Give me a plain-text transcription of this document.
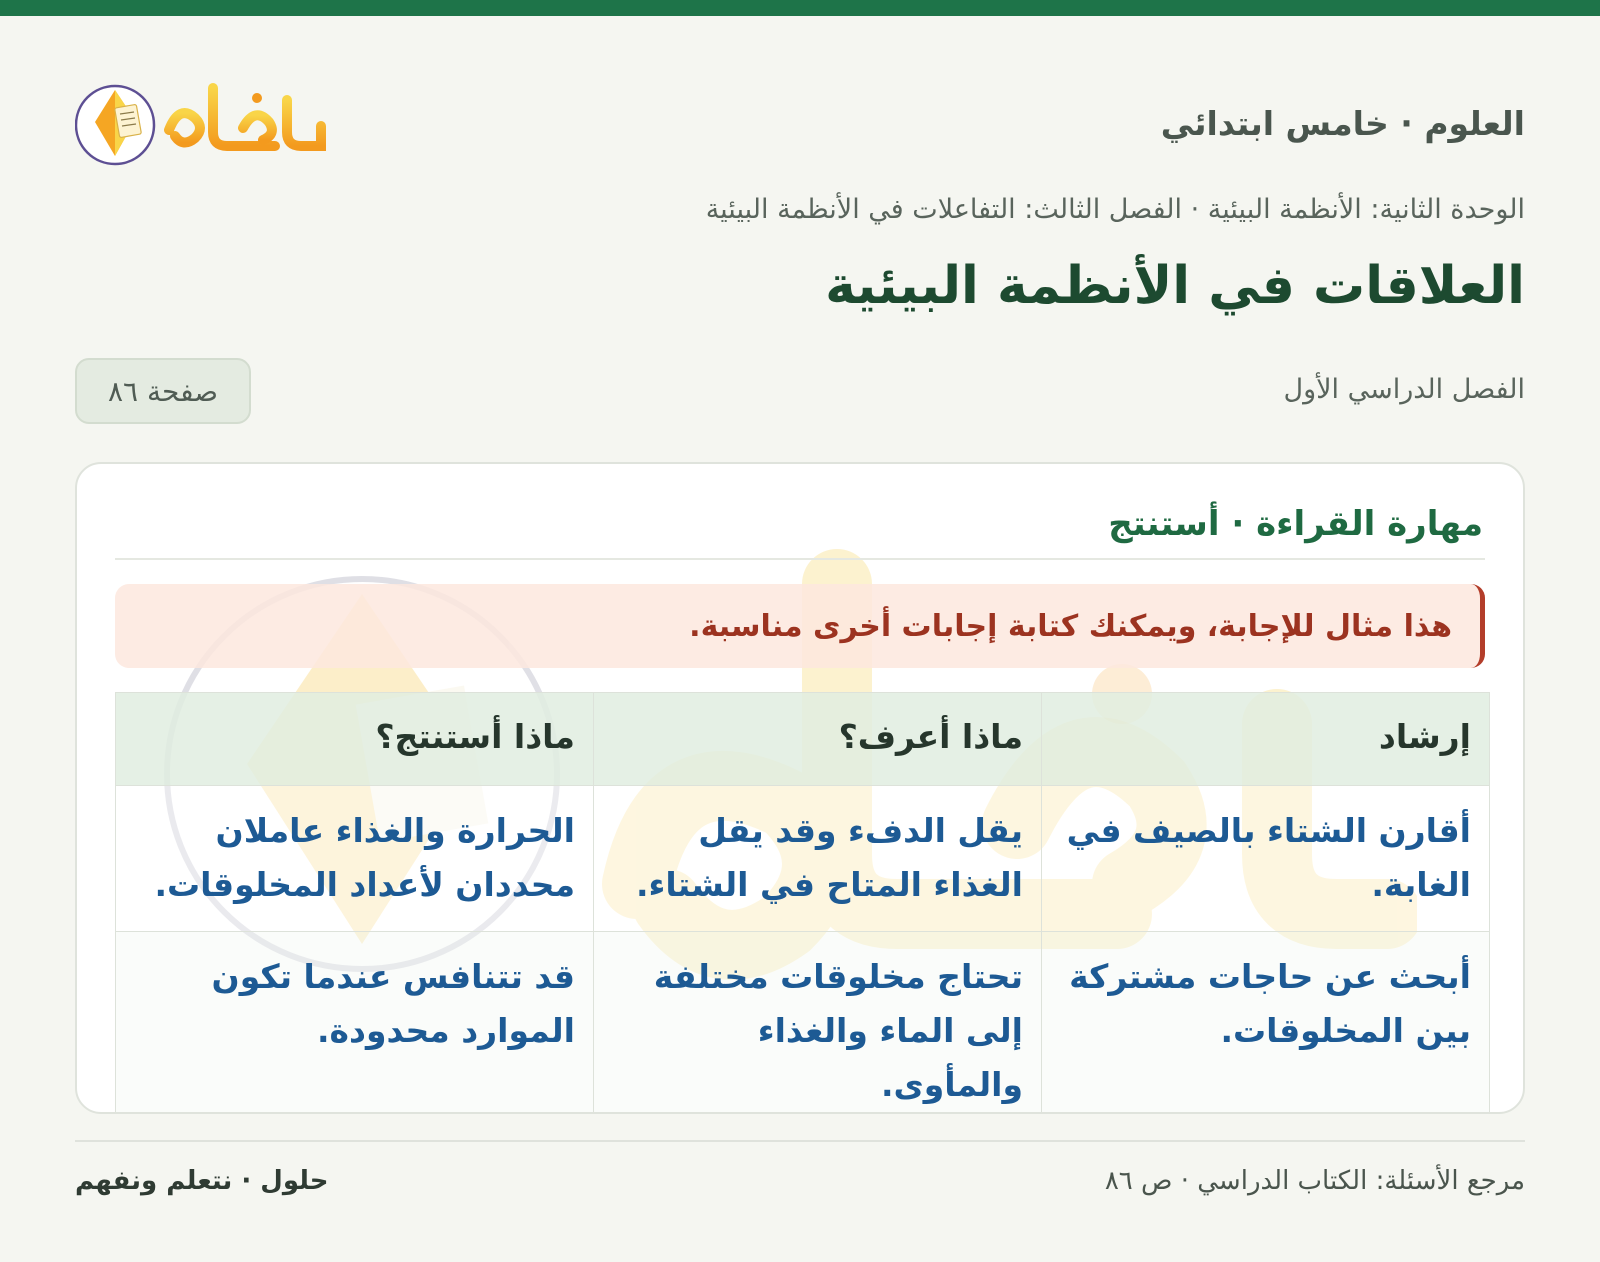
العلوم · خامس ابتدائي
الوحدة الثانية: الأنظمة البيئية · الفصل الثالث: التفاعلات في الأنظمة البيئية
العلاقات في الأنظمة البيئية
الفصل الدراسي الأول
صفحة ٨٦
مهارة القراءة · أستنتج
هذا مثال للإجابة، ويمكنك كتابة إجابات أخرى مناسبة.
إرشاد	ماذا أعرف؟	ماذا أستنتج؟
أقارن الشتاء بالصيف في الغابة.	يقل الدفء وقد يقل الغذاء المتاح في الشتاء.	الحرارة والغذاء عاملان محددان لأعداد المخلوقات.
أبحث عن حاجات مشتركة بين المخلوقات.	تحتاج مخلوقات مختلفة إلى الماء والغذاء والمأوى.	قد تتنافس عندما تكون الموارد محدودة.
مرجع الأسئلة: الكتاب الدراسي · ص ٨٦
حلول · نتعلم ونفهم
